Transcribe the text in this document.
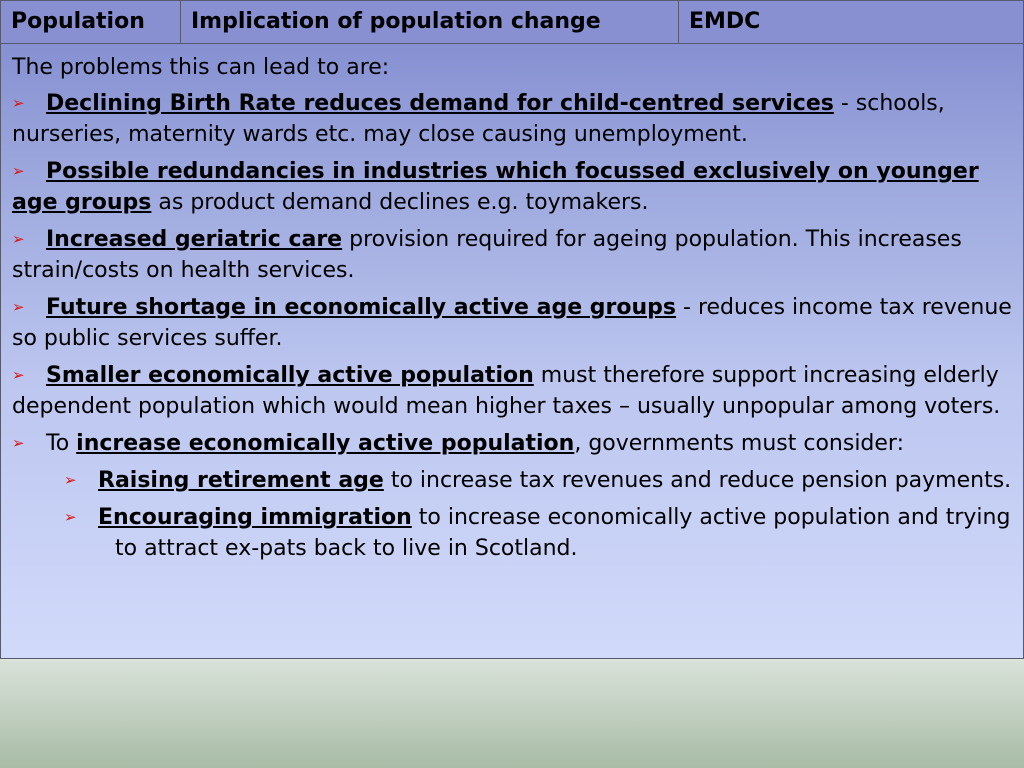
Population	Implication of population change	EMDC

The problems this can lead to are:

➢ Declining Birth Rate reduces demand for child-centred services - schools, nurseries, maternity wards etc. may close causing unemployment.

➢ Possible redundancies in industries which focussed exclusively on younger age groups as product demand declines e.g. toymakers.

➢ Increased geriatric care provision required for ageing population. This increases strain/costs on health services.

➢ Future shortage in economically active age groups - reduces income tax revenue so public services suffer.

➢ Smaller economically active population must therefore support increasing elderly dependent population which would mean higher taxes – usually unpopular among voters.

➢ To increase economically active population, governments must consider:

➢ Raising retirement age to increase tax revenues and reduce pension payments.

➢ Encouraging immigration to increase economically active population and trying to attract ex-pats back to live in Scotland.
